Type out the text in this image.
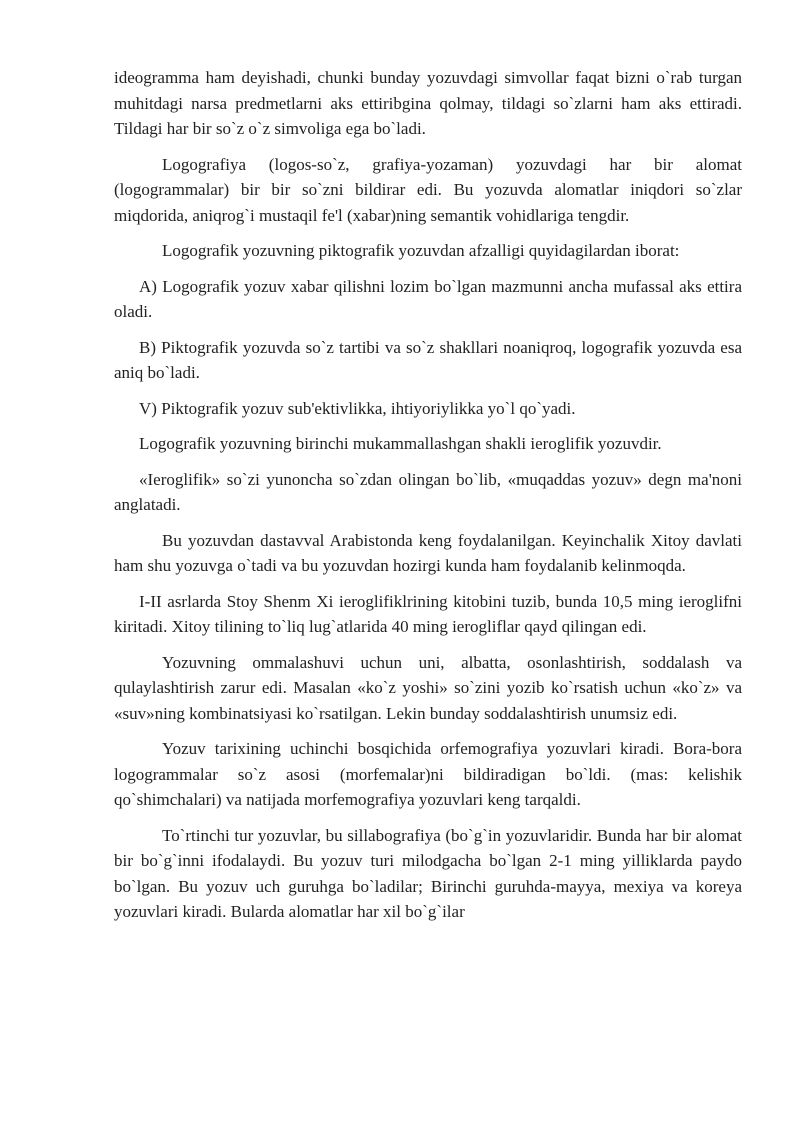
ideogramma ham deyishadi, chunki bunday yozuvdagi simvollar faqat bizni o`rab turgan muhitdagi narsa predmetlarni aks ettiribgina qolmay, tildagi so`zlarni ham aks ettiradi. Tildagi har bir so`z o`z simvoliga ega bo`ladi.

Logografiya (logos-so`z, grafiya-yozaman) yozuvdagi har bir alomat (logogrammalar) bir bir so`zni bildirar edi. Bu yozuvda alomatlar iniqdori so`zlar miqdorida, aniqrog`i mustaqil fe'l (xabar)ning semantik vohidlariga tengdir.

Logografik yozuvning piktografik yozuvdan afzalligi quyidagilardan iborat:

A) Logografik yozuv xabar qilishni lozim bo`lgan mazmunni ancha mufassal aks ettira oladi.

B) Piktografik yozuvda so`z tartibi va so`z shakllari noaniqroq, logografik yozuvda esa aniq bo`ladi.

V) Piktografik yozuv sub'ektivlikka, ihtiyoriylikka yo`l qo`yadi.

Logografik yozuvning birinchi mukammallashgan shakli ieroglifik yozuvdir.

«Ieroglifik» so`zi yunoncha so`zdan olingan bo`lib, «muqaddas yozuv» degn ma'noni anglatadi.

Bu yozuvdan dastavval Arabistonda keng foydalanilgan. Keyinchalik Xitoy davlati ham shu yozuvga o`tadi va bu yozuvdan hozirgi kunda ham foydalanib kelinmoqda.

I-II asrlarda Stoy Shenm Xi ieroglifiklrining kitobini tuzib, bunda 10,5 ming ieroglifni kiritadi. Xitoy tilining to`liq lug`atlarida 40 ming ierogliflar qayd qilingan edi.

Yozuvning ommalashuvi uchun uni, albatta, osonlashtirish, soddalash va qulaylashtirish zarur edi. Masalan «ko`z yoshi» so`zini yozib ko`rsatish uchun «ko`z» va «suv»ning kombinatsiyasi ko`rsatilgan. Lekin bunday soddalashtirish unumsiz edi.

Yozuv tarixining uchinchi bosqichida orfemografiya yozuvlari kiradi. Bora-bora logogrammalar so`z asosi (morfemalar)ni bildiradigan bo`ldi. (mas: kelishik qo`shimchalari) va natijada morfemografiya yozuvlari keng tarqaldi.

To`rtinchi tur yozuvlar, bu sillabografiya (bo`g`in yozuvlaridir. Bunda har bir alomat bir bo`g`inni ifodalaydi. Bu yozuv turi milodgacha bo`lgan 2-1 ming yilliklarda paydo bo`lgan. Bu yozuv uch guruhga bo`ladilar; Birinchi guruhda-mayya, mexiya va koreya yozuvlari kiradi. Bularda alomatlar har xil bo`g`ilar
